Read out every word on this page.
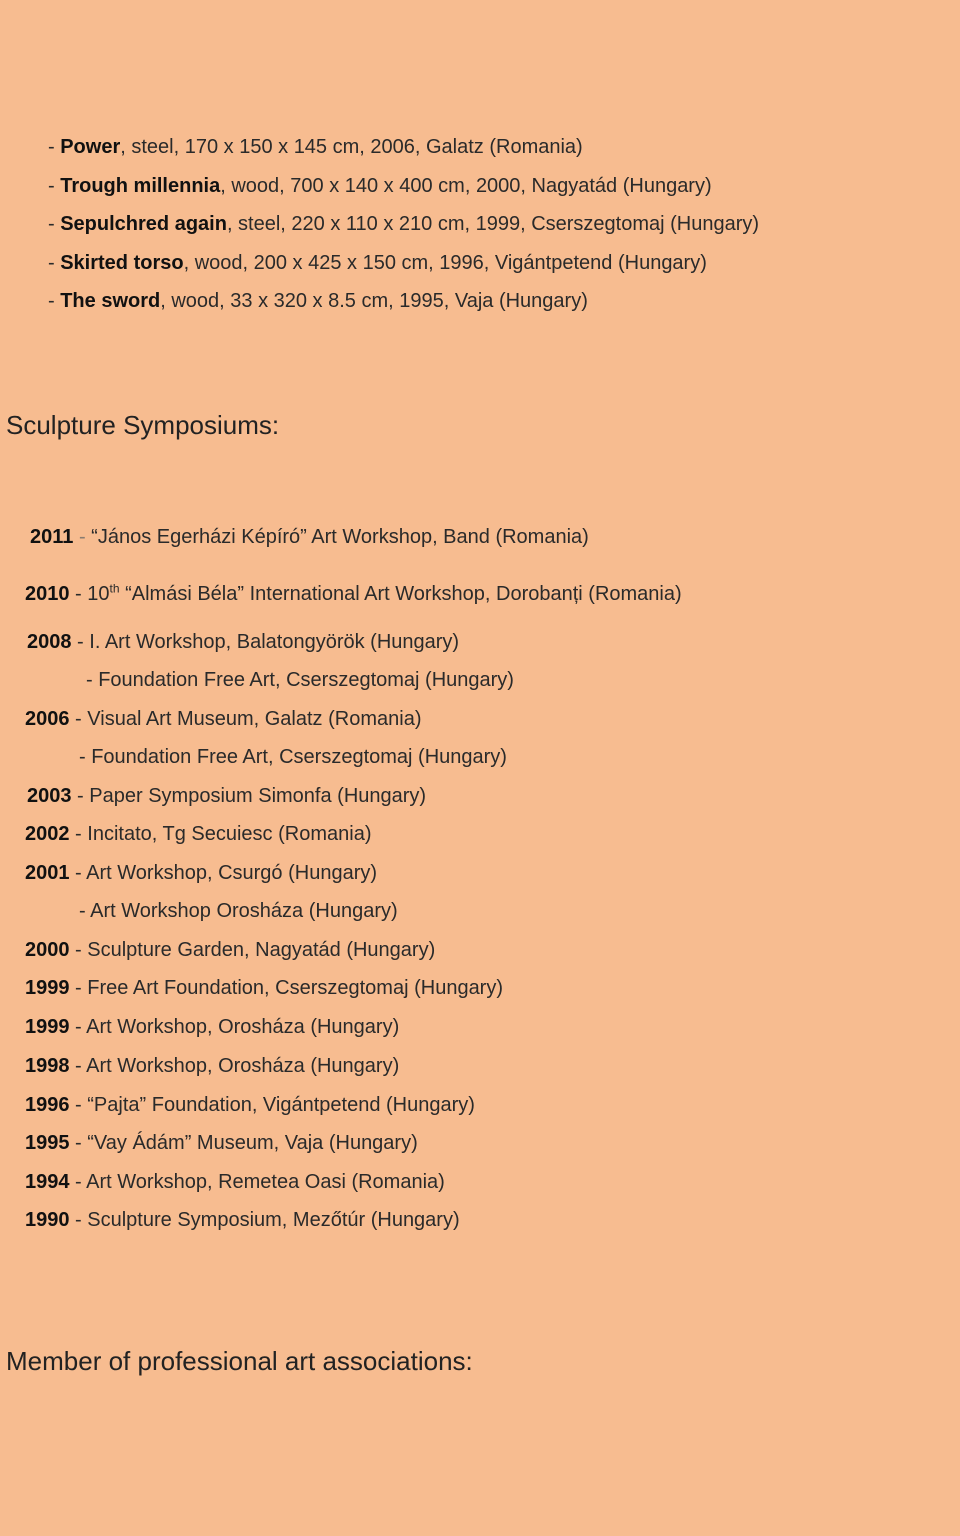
- Power, steel, 170 x 150 x 145 cm, 2006, Galatz (Romania)
- Trough millennia, wood, 700 x 140 x 400 cm, 2000, Nagyatád (Hungary)
- Sepulchred again, steel, 220 x 110 x 210 cm, 1999, Cserszegtomaj (Hungary)
- Skirted torso, wood, 200 x 425 x 150 cm, 1996, Vigántpetend (Hungary)
- The sword, wood, 33 x 320 x 8.5 cm, 1995, Vaja (Hungary)
Sculpture Symposiums:
2011 - “János Egerházi Képíró” Art Workshop, Band (Romania)
2010 - 10th “Almási Béla” International Art Workshop, Dorobanți (Romania)
2008 - I. Art Workshop, Balatongyörök (Hungary)
- Foundation Free Art, Cserszegtomaj (Hungary)
2006 - Visual Art Museum, Galatz (Romania)
- Foundation Free Art, Cserszegtomaj (Hungary)
2003 - Paper Symposium Simonfa (Hungary)
2002 - Incitato, Tg Secuiesc (Romania)
2001 - Art Workshop, Csurgó (Hungary)
- Art Workshop Orosháza (Hungary)
2000 - Sculpture Garden, Nagyatád (Hungary)
1999 - Free Art Foundation, Cserszegtomaj (Hungary)
1999 - Art Workshop, Orosháza (Hungary)
1998 - Art Workshop, Orosháza (Hungary)
1996 - “Pajta” Foundation, Vigántpetend (Hungary)
1995 - “Vay Ádám” Museum, Vaja (Hungary)
1994 - Art Workshop, Remetea Oasi (Romania)
1990 - Sculpture Symposium, Mezőtúr (Hungary)
Member of professional art associations:
